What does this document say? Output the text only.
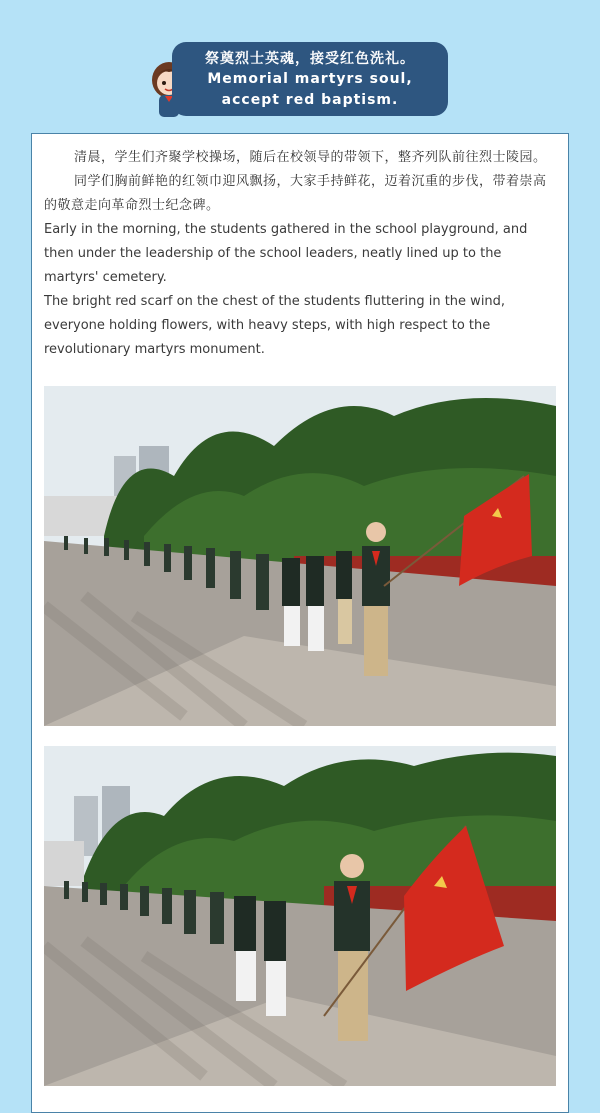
祭奠烈士英魂，接受红色洗礼。
Memorial martyrs soul,
accept red baptism.

清晨，学生们齐聚学校操场，随后在校领导的带领下，整齐列队前往烈士陵园。

同学们胸前鲜艳的红领巾迎风飘扬，大家手持鲜花，迈着沉重的步伐，带着崇高的敬意走向革命烈士纪念碑。

Early in the morning, the students gathered in the school playground, and then under the leadership of the school leaders, neatly lined up to the martyrs' cemetery.

The bright red scarf on the chest of the students fluttering in the wind, everyone holding flowers, with heavy steps, with high respect to the revolutionary martyrs monument.
